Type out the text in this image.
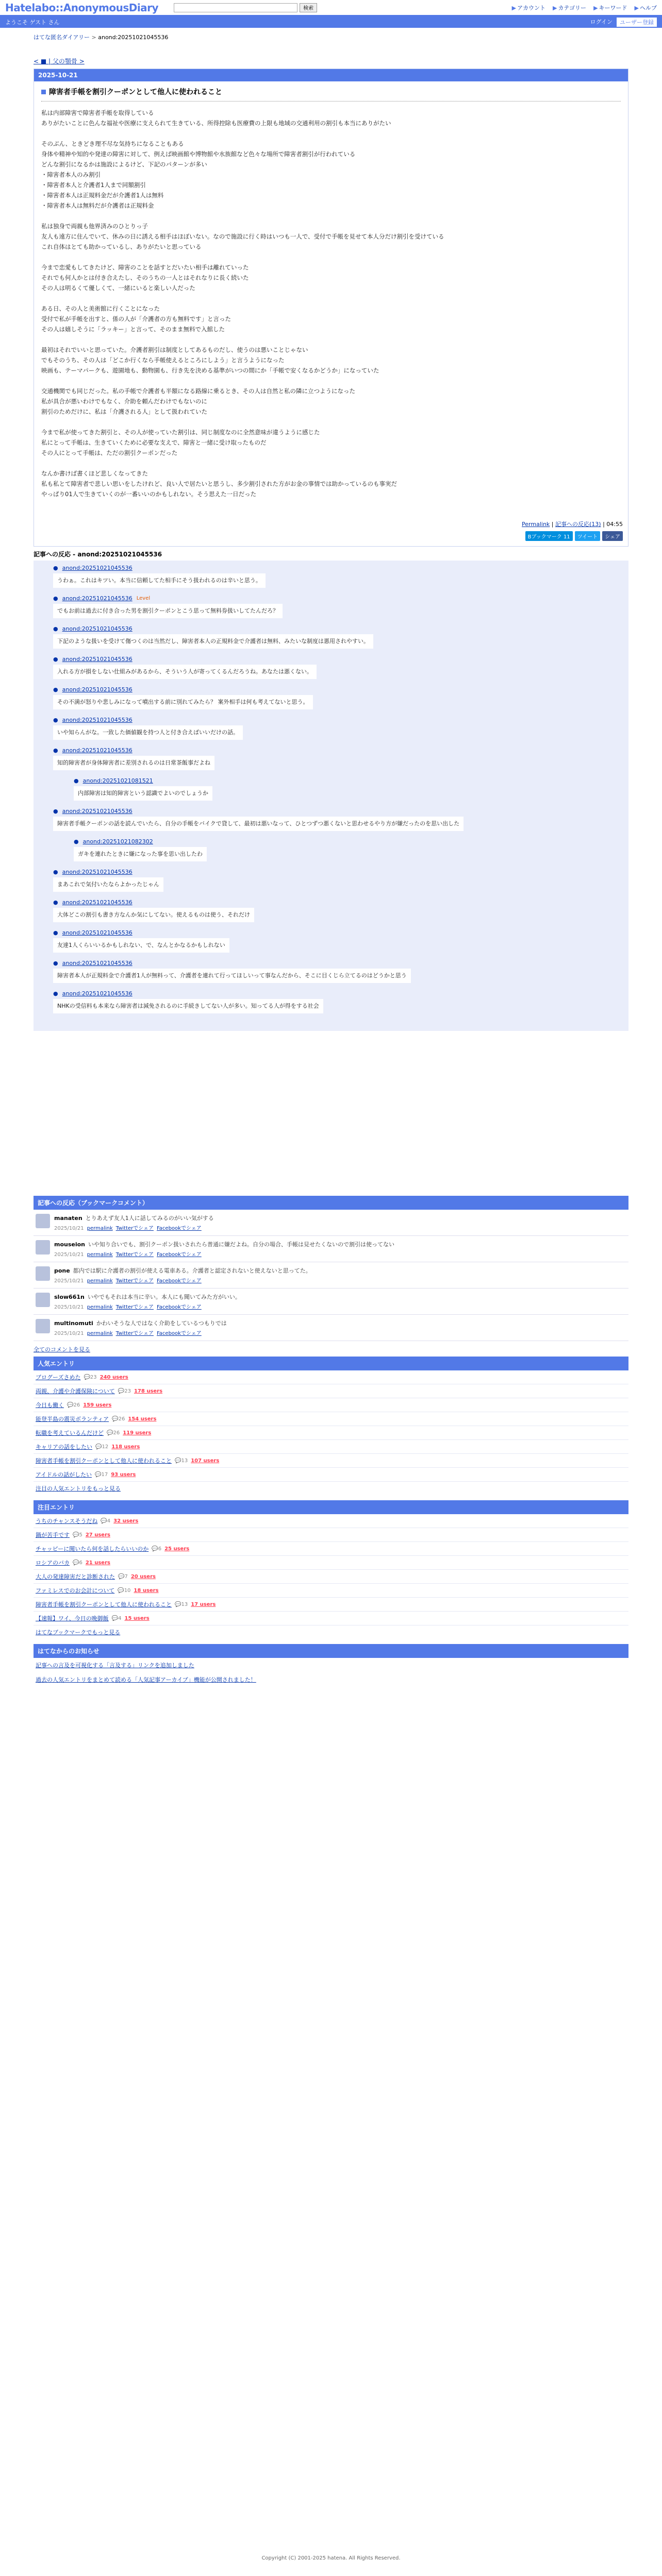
Hatelabo::AnonymousDiary	検索	▶ アカウント ▶ カテゴリー ▶ キーワード ▶ ヘルプ
ようこそ ゲスト さん	ログイン	ユーザー登録
はてな匿名ダイアリー > anond:20251021045536
< ■ | 父の顎骨 >
2025-10-21
障害者手帳を割引クーポンとして他人に使われること
私は内部障害で障害者手帳を取得している
ありがたいことに色んな福祉や医療に支えられて生きている、所得控除も医療費の上限も地域の交通利用の割引も本当にありがたい
そのぶん、ときどき理不尽な気持ちになることもある
身体や精神や知的や発達の障害に対して、例えば映画館や博物館や水族館など色々な場所で障害者割引が行われている
どんな割引になるかは施設によるけど、下記のパターンが多い
・障害者本人のみ割引
・障害者本人と介護者1人まで同額割引
・障害者本人は正規料金だが介護者1人は無料
・障害者本人は無料だが介護者は正規料金
私は独身で両親も他界済みのひとりっ子
友人も遠方に住んでいて、休みの日に誘える相手はほぼいない。なので施設に行く時はいつも一人で、受付で手帳を見せて本人分だけ割引を受けている
これ自体はとても助かっているし、ありがたいと思っている
今まで恋愛もしてきたけど、障害のことを話すとだいたい相手は離れていった
それでも何人かとは付き合えたし、そのうちの一人とはそれなりに長く続いた
その人は明るくて優しくて、一緒にいると楽しい人だった
ある日、その人と美術館に行くことになった
受付で私が手帳を出すと、係の人が「介護者の方も無料です」と言った
その人は嬉しそうに「ラッキー」と言って、そのまま無料で入館した
最初はそれでいいと思っていた。介護者割引は制度としてあるものだし、使うのは悪いことじゃない
でもそのうち、その人は「どこか行くなら手帳使えるところにしよう」と言うようになった
映画も、テーマパークも、遊園地も、動物園も、行き先を決める基準がいつの間にか「手帳で安くなるかどうか」になっていた
交通機関でも同じだった。私の手帳で介護者も半額になる路線に乗るとき、その人は自然と私の隣に立つようになった
私が具合が悪いわけでもなく、介助を頼んだわけでもないのに
割引のためだけに、私は「介護される人」として扱われていた
今まで私が使ってきた割引と、その人が使っていた割引は、同じ制度なのに全然意味が違うように感じた
私にとって手帳は、生きていくために必要な支えで、障害と一緒に受け取ったものだ
その人にとって手帳は、ただの割引クーポンだった
なんか書けば書くほど悲しくなってきた
私も私とて障害者で悲しい思いをしたけれど、良い人で居たいと思うし、多少割引された方がお金の事情では助かっているのも事実だ
やっぱり01人で生きていくのが一番いいのかもしれない。そう思えた一日だった
Permalink | 記事への反応(13) | 04:55
Bブックマーク 11	ツイート	シェア
記事への反応 - anond:20251021045536
● anond:20251021045536
うわぁ。これはキツい。本当に信頼してた相手にそう扱われるのは辛いと思う。
● anond:20251021045536 Level
でもお前は過去に付き合った男を割引クーポンとこう思って無料券扱いしてたんだろ？
● anond:20251021045536
下記のような扱いを受けて傷つくのは当然だし、障害者本人の正規料金で介護者は無料、みたいな制度は悪用されやすい。
● anond:20251021045536
入れる方が損をしない仕組みがあるから、そういう人が寄ってくるんだろうね。あなたは悪くない。
● anond:20251021045536
その不満が怒りや悲しみになって噴出する前に別れてみたら？ 案外相手は何も考えてないと思う。
● anond:20251021045536
いや知らんがな。一致した価値観を持つ人と付き合えばいいだけの話。
● anond:20251021045536
知的障害者が身体障害者に差別されるのは日常茶飯事だよね
● anond:20251021081521
内部障害は知的障害という認識でよいのでしょうか
● anond:20251021045536
障害者手帳クーポンの話を読んでいたら、自分の手帳をバイクで貸して、最初は悪いなって、ひとつずつ悪くないと思わせるやり方が嫌だったのを思い出した
● anond:20251021082302
ガキを連れたときに嫌になった事を思い出したわ
● anond:20251021045536
まあこれで気付いたならよかったじゃん
● anond:20251021045536
大体どこの割引も書き方なんか気にしてない。使えるものは使う、それだけ
● anond:20251021045536
友達1人くらいいるかもしれない、で、なんとかなるかもしれない
● anond:20251021045536
障害者本人が正規料金で介護者1人が無料って、介護者を連れて行ってほしいって事なんだから、そこに目くじら立てるのはどうかと思う
● anond:20251021045536
NHKの受信料も本来なら障害者は減免されるのに手続きしてない人が多い。知ってる人が得をする社会
記事への反応（ブックマークコメント）
manaten とりあえず友人1人に話してみるのがいい気がする
2025/10/21 permalink Twitterでシェア Facebookでシェア
mouseion いや知り合いでも、割引クーポン扱いされたら普通に嫌だよね。自分の場合、手帳は見せたくないので割引は使ってない
2025/10/21 permalink Twitterでシェア Facebookでシェア
pone 都内では駅に介護者の割引が使える電車ある。介護者と認定されないと使えないと思ってた。
2025/10/21 permalink Twitterでシェア Facebookでシェア
slow661n いやでもそれは本当に辛い。本人にも聞いてみた方がいい。
2025/10/21 permalink Twitterでシェア Facebookでシェア
multinomuti かわいそうな人ではなく介助をしているつもりでは
2025/10/21 permalink Twitterでシェア Facebookでシェア
全てのコメントを見る
人気エントリ
ブログーズさめた 💬23 240 users
両親、介護や介護保険について 💬23 178 users
今日も働く 💬26 159 users
能登半島の震災ボランティア 💬26 154 users
転職を考えているんだけど 💬26 119 users
キャリアの話をしたい 💬12 118 users
障害者手帳を割引クーポンとして他人に使われること 💬13 107 users
アイドルの話がしたい 💬17 93 users
注目の人気エントリをもっと見る
注目エントリ
うちのチャンスそうだね 💬4 32 users
鍋が苦手です 💬5 27 users
チャッピーに聞いたら何を話したらいいのか 💬6 25 users
ロシアのバカ 💬6 21 users
大人の発達障害だと診断された 💬7 20 users
ファミレスでのお会計について 💬10 18 users
障害者手帳を割引クーポンとして他人に使われること 💬13 17 users
【速報】ワイ、今日の晩御飯 💬4 15 users
はてなブックマークでもっと見る
はてなからのお知らせ
記事への言及を可視化する「言及する」リンクを追加しました
過去の人気エントリをまとめて読める「人気記事アーカイブ」機能が公開されました！
Copyright (C) 2001-2025 hatena. All Rights Reserved.
